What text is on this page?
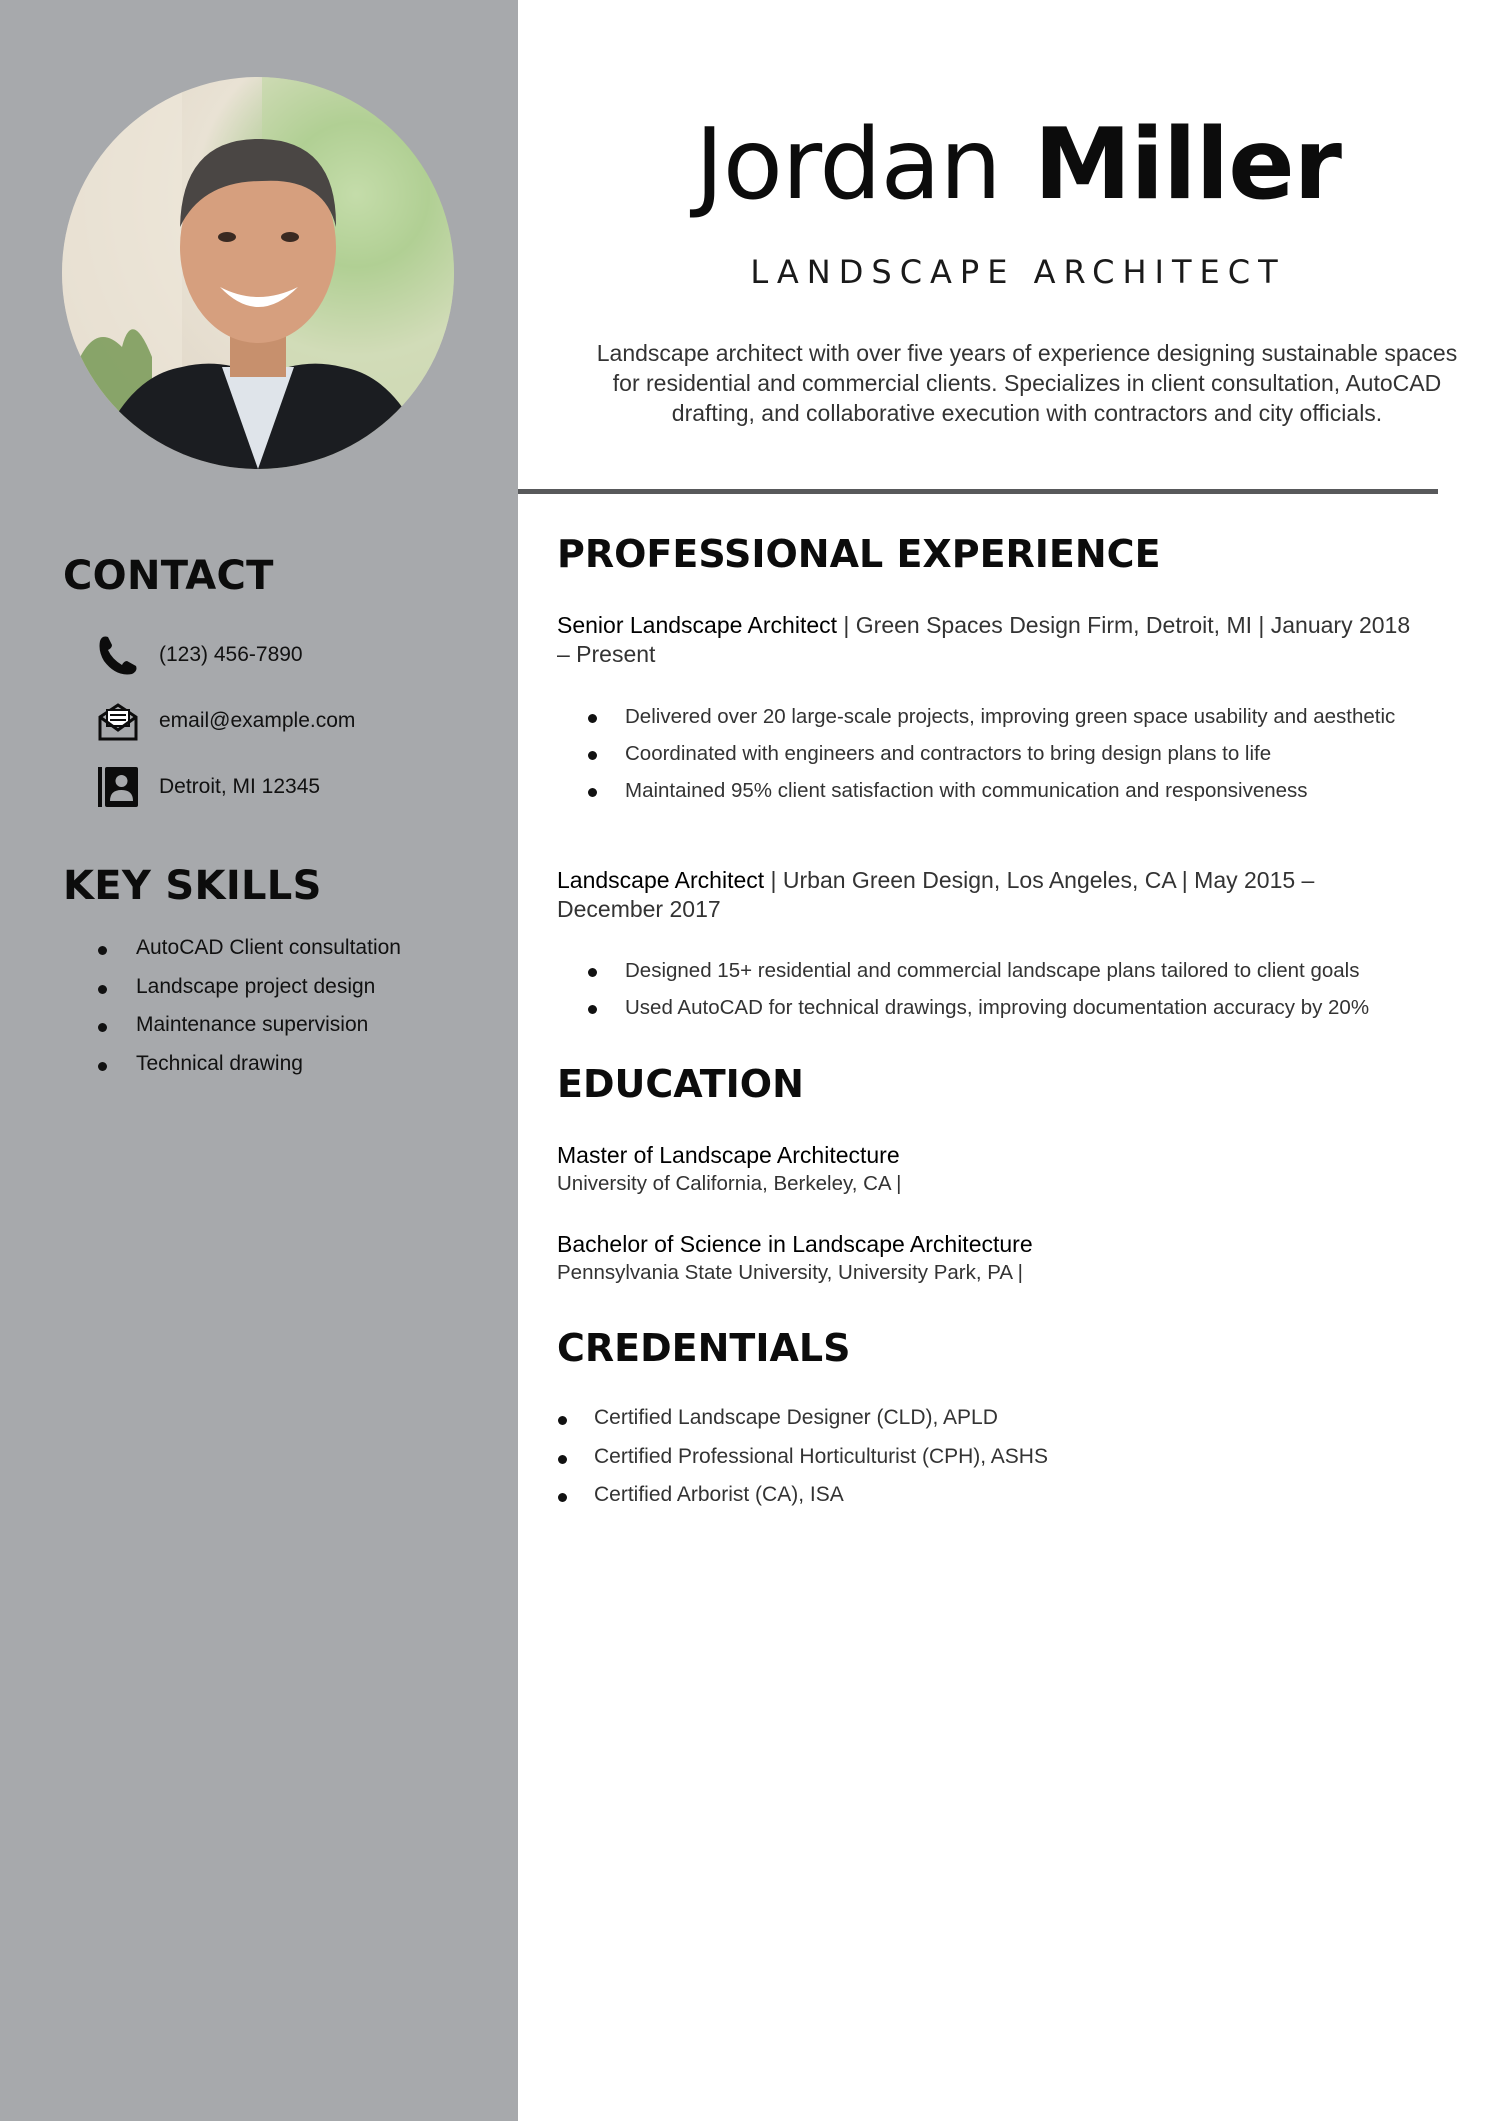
CONTACT
(123) 456-7890
email@example.com
Detroit, MI 12345
KEY SKILLS
AutoCAD Client consultation
Landscape project design
Maintenance supervision
Technical drawing
Jordan Miller
LANDSCAPE ARCHITECT
Landscape architect with over five years of experience designing sustainable spaces for residential and commercial clients. Specializes in client consultation, AutoCAD drafting, and collaborative execution with contractors and city officials.
PROFESSIONAL EXPERIENCE
Senior Landscape Architect | Green Spaces Design Firm, Detroit, MI | January 2018 – Present
Delivered over 20 large-scale projects, improving green space usability and aesthetic
Coordinated with engineers and contractors to bring design plans to life
Maintained 95% client satisfaction with communication and responsiveness
Landscape Architect | Urban Green Design, Los Angeles, CA | May 2015 – December 2017
Designed 15+ residential and commercial landscape plans tailored to client goals
Used AutoCAD for technical drawings, improving documentation accuracy by 20%
EDUCATION
Master of Landscape Architecture
University of California, Berkeley, CA |
Bachelor of Science in Landscape Architecture
Pennsylvania State University, University Park, PA |
CREDENTIALS
Certified Landscape Designer (CLD), APLD
Certified Professional Horticulturist (CPH), ASHS
Certified Arborist (CA), ISA
